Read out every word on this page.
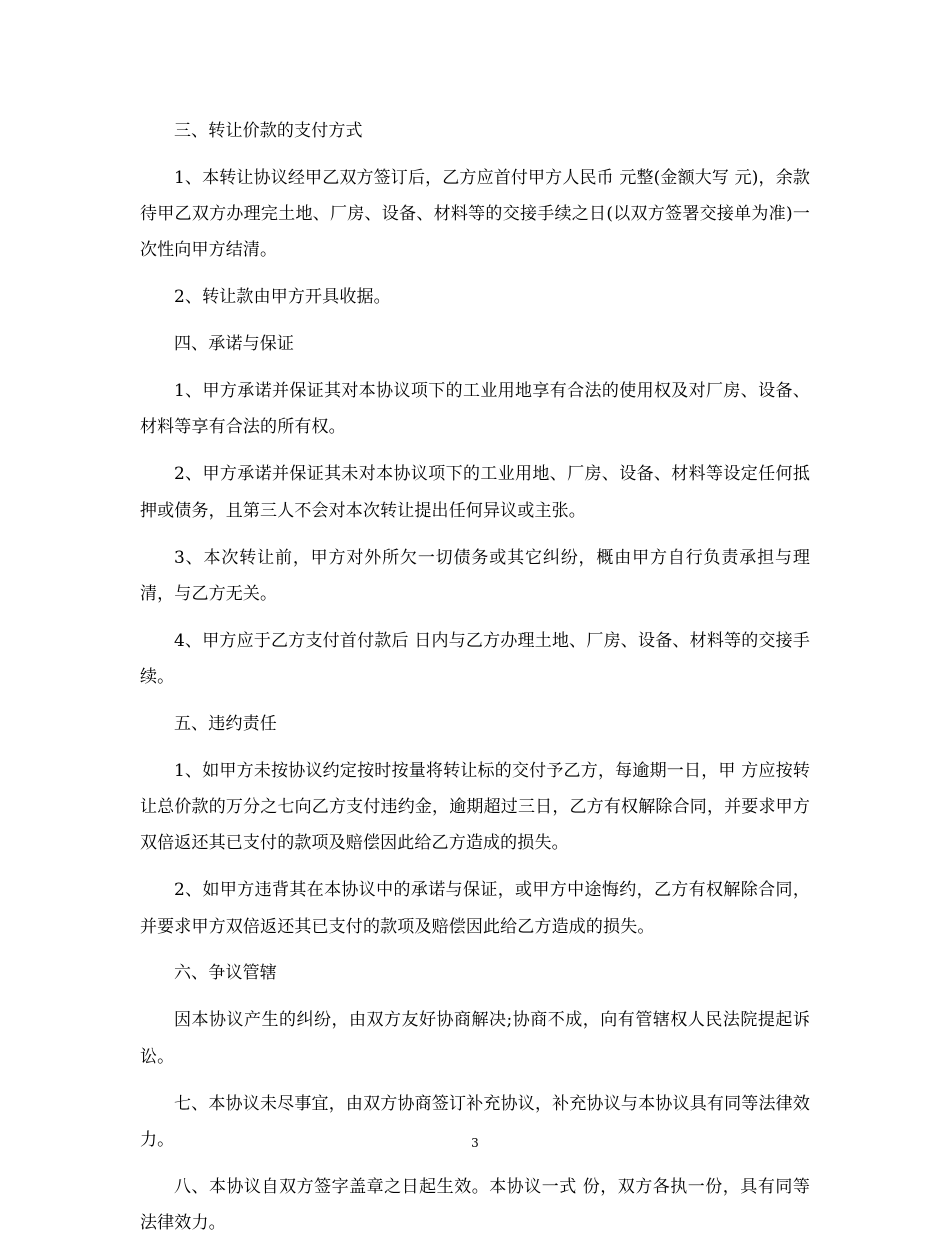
三、转让价款的支付方式

1、本转让协议经甲乙双方签订后，乙方应首付甲方人民币 元整(金额大写 元)，余款待甲乙双方办理完土地、厂房、设备、材料等的交接手续之日(以双方签署交接单为准)一次性向甲方结清。

2、转让款由甲方开具收据。

四、承诺与保证

1、甲方承诺并保证其对本协议项下的工业用地享有合法的使用权及对厂房、设备、材料等享有合法的所有权。

2、甲方承诺并保证其未对本协议项下的工业用地、厂房、设备、材料等设定任何抵押或债务，且第三人不会对本次转让提出任何异议或主张。

3、本次转让前，甲方对外所欠一切债务或其它纠纷，概由甲方自行负责承担与理清，与乙方无关。

4、甲方应于乙方支付首付款后 日内与乙方办理土地、厂房、设备、材料等的交接手续。

五、违约责任

1、如甲方未按协议约定按时按量将转让标的交付予乙方，每逾期一日，甲 方应按转让总价款的万分之七向乙方支付违约金，逾期超过三日，乙方有权解除合同，并要求甲方双倍返还其已支付的款项及赔偿因此给乙方造成的损失。

2、如甲方违背其在本协议中的承诺与保证，或甲方中途悔约，乙方有权解除合同，并要求甲方双倍返还其已支付的款项及赔偿因此给乙方造成的损失。

六、争议管辖

因本协议产生的纠纷，由双方友好协商解决;协商不成，向有管辖权人民法院提起诉讼。

七、本协议未尽事宜，由双方协商签订补充协议，补充协议与本协议具有同等法律效力。

八、本协议自双方签字盖章之日起生效。本协议一式 份，双方各执一份，具有同等法律效力。

3
